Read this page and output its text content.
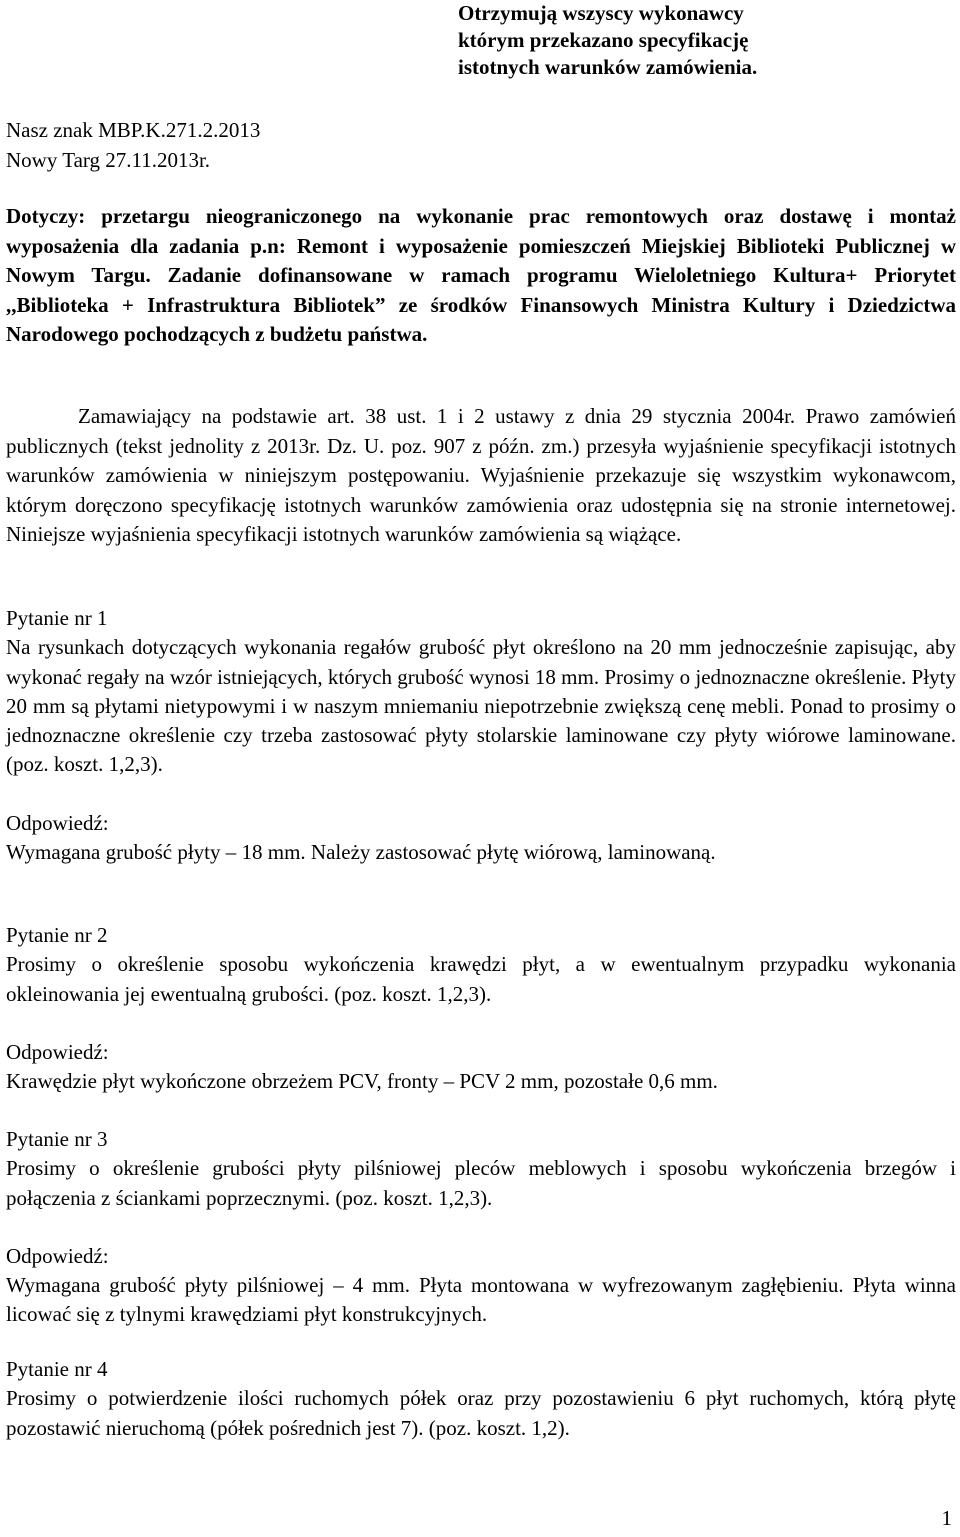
Otrzymują wszyscy wykonawcy
którym przekazano specyfikację
istotnych warunków zamówienia.
Nasz znak MBP.K.271.2.2013
Nowy Targ 27.11.2013r.
Dotyczy: przetargu nieograniczonego na wykonanie prac remontowych oraz dostawę i montaż wyposażenia dla zadania p.n: Remont i wyposażenie pomieszczeń Miejskiej Biblioteki Publicznej w Nowym Targu. Zadanie dofinansowane w ramach programu Wieloletniego Kultura+ Priorytet ,,Biblioteka + Infrastruktura Bibliotek” ze środków Finansowych Ministra Kultury i Dziedzictwa Narodowego pochodzących z budżetu państwa.
Zamawiający na podstawie art. 38 ust. 1 i 2 ustawy z dnia 29 stycznia 2004r. Prawo zamówień publicznych (tekst jednolity z 2013r. Dz. U. poz. 907 z późn. zm.) przesyła wyjaśnienie specyfikacji istotnych warunków zamówienia w niniejszym postępowaniu. Wyjaśnienie przekazuje się wszystkim wykonawcom, którym doręczono specyfikację istotnych warunków zamówienia oraz udostępnia się na stronie internetowej. Niniejsze wyjaśnienia specyfikacji istotnych warunków zamówienia są wiążące.

Pytanie nr 1

Na rysunkach dotyczących wykonania regałów grubość płyt określono na 20 mm jednocześnie zapisując, aby wykonać regały na wzór istniejących, których grubość wynosi 18 mm. Prosimy o jednoznaczne określenie. Płyty 20 mm są płytami nietypowymi i w naszym mniemaniu niepotrzebnie zwiększą cenę mebli. Ponad to prosimy o jednoznaczne określenie czy trzeba zastosować płyty stolarskie laminowane czy płyty wiórowe laminowane. (poz. koszt. 1,2,3).

Odpowiedź:

Wymagana grubość płyty – 18 mm. Należy zastosować płytę wiórową, laminowaną.

Pytanie nr 2

Prosimy o określenie sposobu wykończenia krawędzi płyt, a w ewentualnym przypadku wykonania okleinowania jej ewentualną grubości. (poz. koszt. 1,2,3).

Odpowiedź:

Krawędzie płyt wykończone obrzeżem PCV, fronty – PCV 2 mm, pozostałe 0,6 mm.

Pytanie nr 3

Prosimy o określenie grubości płyty pilśniowej pleców meblowych i sposobu wykończenia brzegów i połączenia z ściankami poprzecznymi. (poz. koszt. 1,2,3).

Odpowiedź:

Wymagana grubość płyty pilśniowej – 4 mm. Płyta montowana w wyfrezowanym zagłębieniu. Płyta winna licować się z tylnymi krawędziami płyt konstrukcyjnych.

Pytanie nr 4

Prosimy o potwierdzenie ilości ruchomych półek oraz przy pozostawieniu 6 płyt ruchomych, którą płytę pozostawić nieruchomą (półek pośrednich jest 7). (poz. koszt. 1,2).

1
